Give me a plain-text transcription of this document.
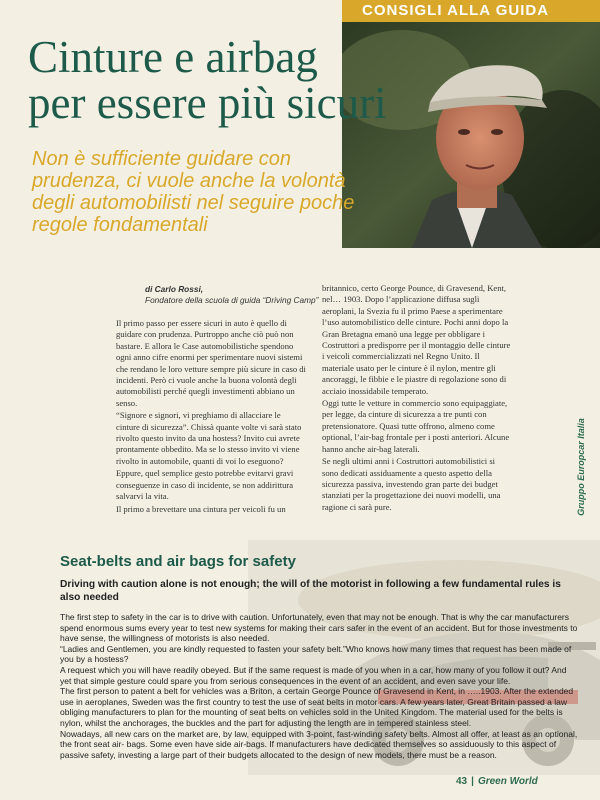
CONSIGLI ALLA GUIDA
Cinture e airbag
per essere più sicuri

Non è sufficiente guidare con prudenza, ci vuole anche la volontà degli automobilisti nel seguire poche regole fondamentali

di Carlo Rossi,
Fondatore della scuola di guida “Driving Camp”

Il primo passo per essere sicuri in auto è quello di guidare con prudenza. Purtroppo anche ciò può non bastare. E allora le Case automobilistiche spendono ogni anno cifre enormi per sperimentare nuovi sistemi che rendano le loro vetture sempre più sicure in caso di incidenti. Però ci vuole anche la buona volontà degli automobilisti perché quegli investimenti abbiano un senso.

“Signore e signori, vi preghiamo di allacciare le cinture di sicurezza”. Chissà quante volte vi sarà stato rivolto questo invito da una hostess? Invito cui avrete prontamente obbedito. Ma se lo stesso invito vi viene rivolto in automobile, quanti di voi lo eseguono?

Eppure, quel semplice gesto potrebbe evitarvi gravi conseguenze in caso di incidente, se non addirittura salvarvi la vita.

Il primo a brevettare una cintura per veicoli fu un

britannico, certo George Pounce, di Gravesend, Kent, nel… 1903. Dopo l’applicazione diffusa sugli aeroplani, la Svezia fu il primo Paese a sperimentare l’uso automobilistico delle cinture. Pochi anni dopo la Gran Bretagna emanò una legge per obbligare i Costruttori a predisporre per il montaggio delle cinture i veicoli commercializzati nel Regno Unito. Il materiale usato per le cinture è il nylon, mentre gli ancoraggi, le fibbie e le piastre di regolazione sono di acciaio inossidabile temperato.

Oggi tutte le vetture in commercio sono equipaggiate, per legge, da cinture di sicurezza a tre punti con pretensionatore. Quasi tutte offrono, almeno come optional, l’air-bag frontale per i posti anteriori. Alcune hanno anche air-bag laterali.

Se negli ultimi anni i Costruttori automobilistici si sono dedicati assiduamente a questo aspetto della sicurezza passiva, investendo gran parte dei budget stanziati per la progettazione dei nuovi modelli, una ragione ci sarà pure.	Gruppo Europcar Italia
Seat-belts and air bags for safety

Driving with caution alone is not enough; the will of the motorist in following a few fundamental rules is also needed

The first step to safety in the car is to drive with caution. Unfortunately, even that may not be enough. That is why the car manufacturers spend enormous sums every year to test new systems for making their cars safer in the event of an accident. But for those investments to have sense, the willingness of motorists is also needed.

“Ladies and Gentlemen, you are kindly requested to fasten your safety belt.”Who knows how many times that request has been made of you by a hostess?

A request which you will have readily obeyed. But if the same request is made of you when in a car, how many of you follow it out? And yet that simple gesture could spare you from serious consequences in the event of an accident, and even save your life.

The first person to patent a belt for vehicles was a Briton, a certain George Pounce of Gravesend in Kent, in …..1903. After the extended use in aeroplanes, Sweden was the first country to test the use of seat belts in motor cars. A few years later, Great Britain passed a law obliging manufacturers to plan for the mounting of seat belts on vehicles sold in the United Kingdom. The material used for the belts is nylon, whilst the anchorages, the buckles and the part for adjusting the length are in tempered stainless steel.

Nowadays, all new cars on the market are, by law, equipped with 3-point, fast-winding safety belts. Almost all offer, at least as an optional, the front seat air- bags. Some even have side air-bags. If manufacturers have dedicated themselves so assiduously to this aspect of passive safety, investing a large part of their budgets allocated to the design of new models, there must be a reason.

43 | Green World
